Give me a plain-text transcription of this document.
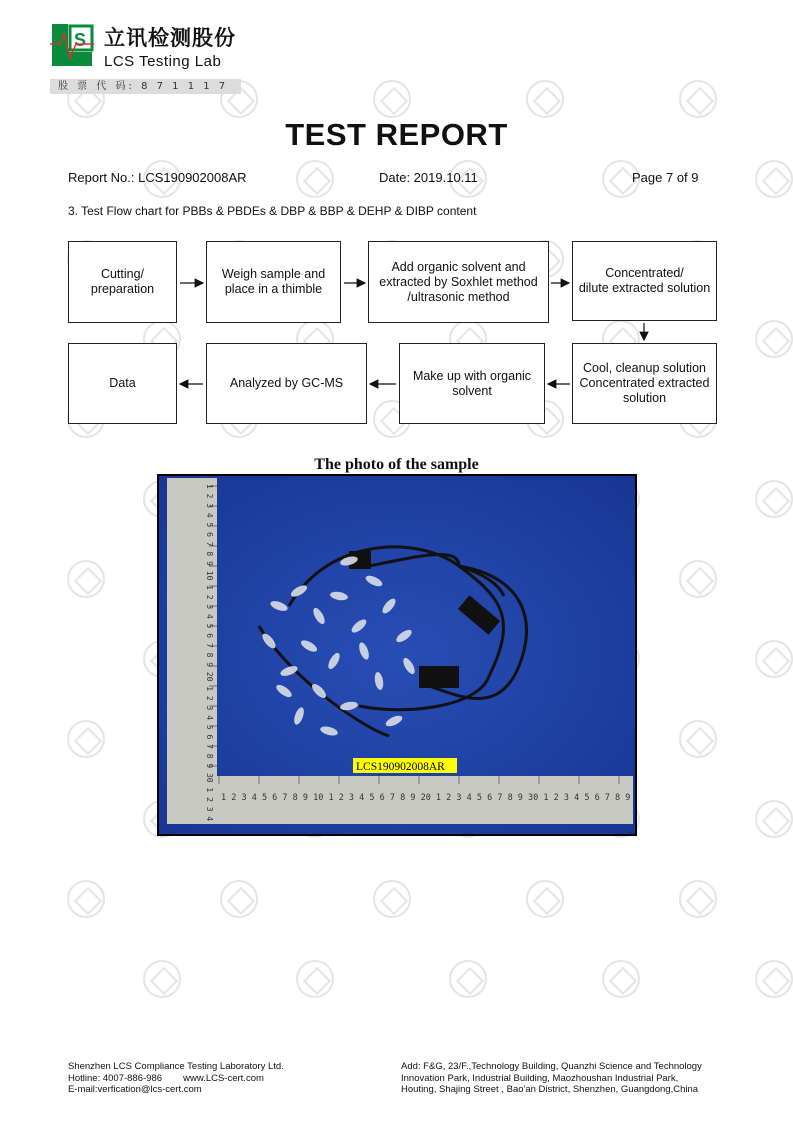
S 立讯检测股份
LCS Testing Lab
股 票 代 码: 8 7 1 1 1 7
TEST REPORT
Report No.: LCS190902008AR	Date: 2019.10.11	Page 7 of 9
3. Test Flow chart for PBBs & PBDEs & DBP & BBP & DEHP & DIBP content
Cutting/
preparation
Weigh sample and
place in a thimble
Add organic solvent and
extracted by Soxhlet method
/ultrasonic method
Concentrated/
dilute extracted solution
Cool, cleanup solution
Concentrated extracted
solution
Make up with organic
solvent
Analyzed by GC-MS
Data
The photo of the sample
1 2 3 4 5 6 7 8 9 10 1 2 3 4 5 6 7 8 9 20 1 2 3 4 5 6 7 8 9 30 1 2 3 4 5 6 7 8 9 40
1 2 3 4 5 6 7 8 9 10 1 2 3 4 5 6 7 8 9 20 1 2 3 4 5 6 7 8 9 30 1 2 3 4	LCS190902008AR
Shenzhen LCS Compliance Testing Laboratory Ltd.
Hotline: 4007-886-986        www.LCS-cert.com
E-mail:verfication@lcs-cert.com
Add: F&G, 23/F.,Technology Building, Quanzhi Science and Technology
Innovation Park, Industrial Building, Maozhoushan Industrial Park,
Houting, Shajing Street , Bao'an District, Shenzhen, Guangdong,China
